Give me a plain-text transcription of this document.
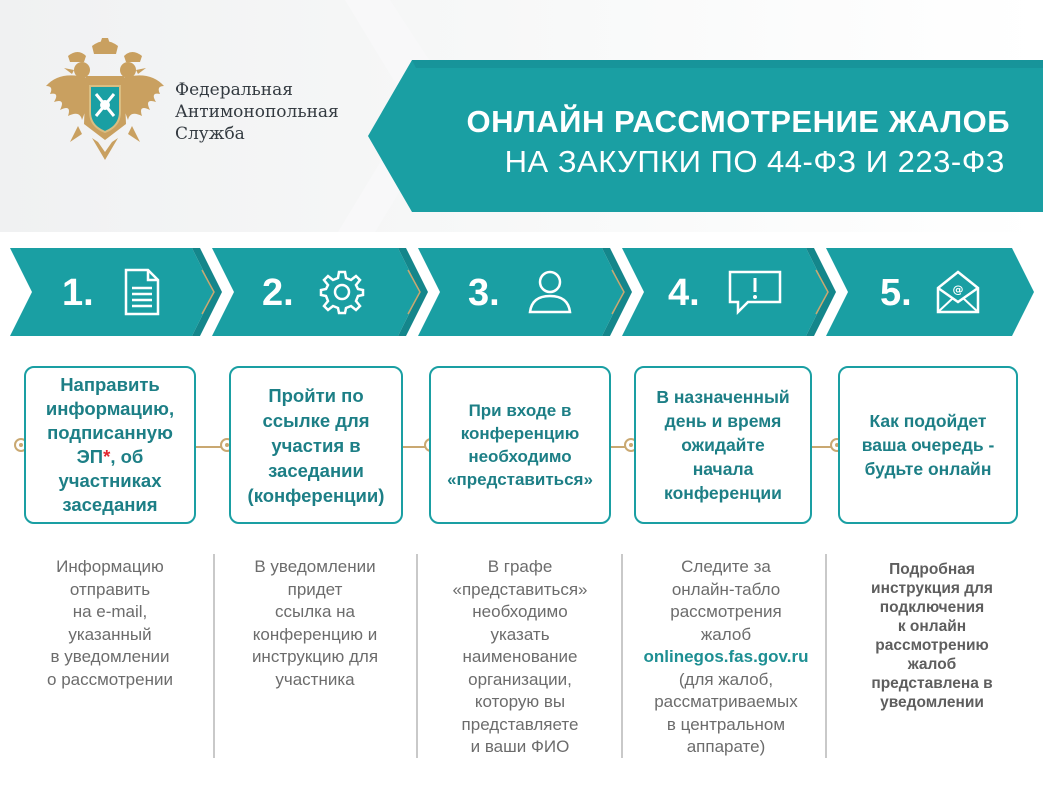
Федеральная
Антимонопольная
Служба	ОНЛАЙН РАССМОТРЕНИЕ ЖАЛОБ
НА ЗАКУПКИ ПО 44-ФЗ И 223-ФЗ
1.	2.	3.	4.	5.	@
Направить
информацию,
подписанную
ЭП*, об
участниках
заседания
Пройти по
ссылке для
участия в
заседании
(конференции)
При входе в
конференцию
необходимо
«представиться»
В назначенный
день и время
ожидайте
начала
конференции
Как подойдет
ваша очередь -
будьте онлайн
Информацию
отправить
на e-mail,
указанный
в уведомлении
о рассмотрении
В уведомлении
придет
ссылка на
конференцию и
инструкцию для
участника
В графе
«представиться»
необходимо
указать
наименование
организации,
которую вы
представляете
и ваши ФИО
Следите за
онлайн-табло
рассмотрения
жалоб
onlinegos.fas.gov.ru
(для жалоб,
рассматриваемых
в центральном
аппарате)
Подробная
инструкция для
подключения
к онлайн
рассмотрению
жалоб
представлена в
уведомлении
